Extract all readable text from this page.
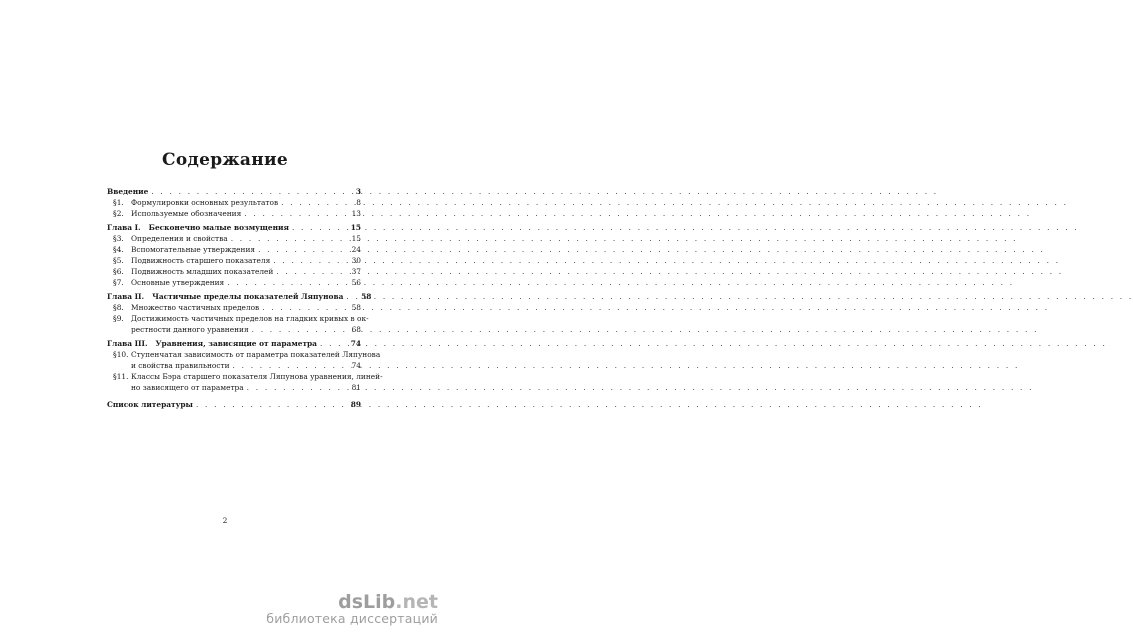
Содержание
Введение . . .	3
§1. Формулировки основных результатов . . .	8
§2. Используемые обозначения . . .	13
Глава I. Бесконечно малые возмущения . . .	15
§3. Определения и свойства . . .	15
§4. Вспомогательные утверждения . . .	24
§5. Подвижность старшего показателя . . .	30
§6. Подвижность младших показателей . . .	37
§7. Основные утверждения . . .	56
Глава II. Частичные пределы показателей Ляпунова . . . 58
§8. Множество частичных пределов . . .	58
§9. Достижимость частичных пределов на гладких кривых в ок-
рестности данного уравнения . . .	68
Глава III. Уравнения, зависящие от параметра . . .	74
§10. Ступенчатая зависимость от параметра показателей Ляпунова
и свойства правильности . . .	74
§11. Классы Бэра старшего показателя Ляпунова уравнения, линей-
но зависящего от параметра . . .	81
Список литературы . . .	89
2
dsLib.net
библиотека диссертаций
